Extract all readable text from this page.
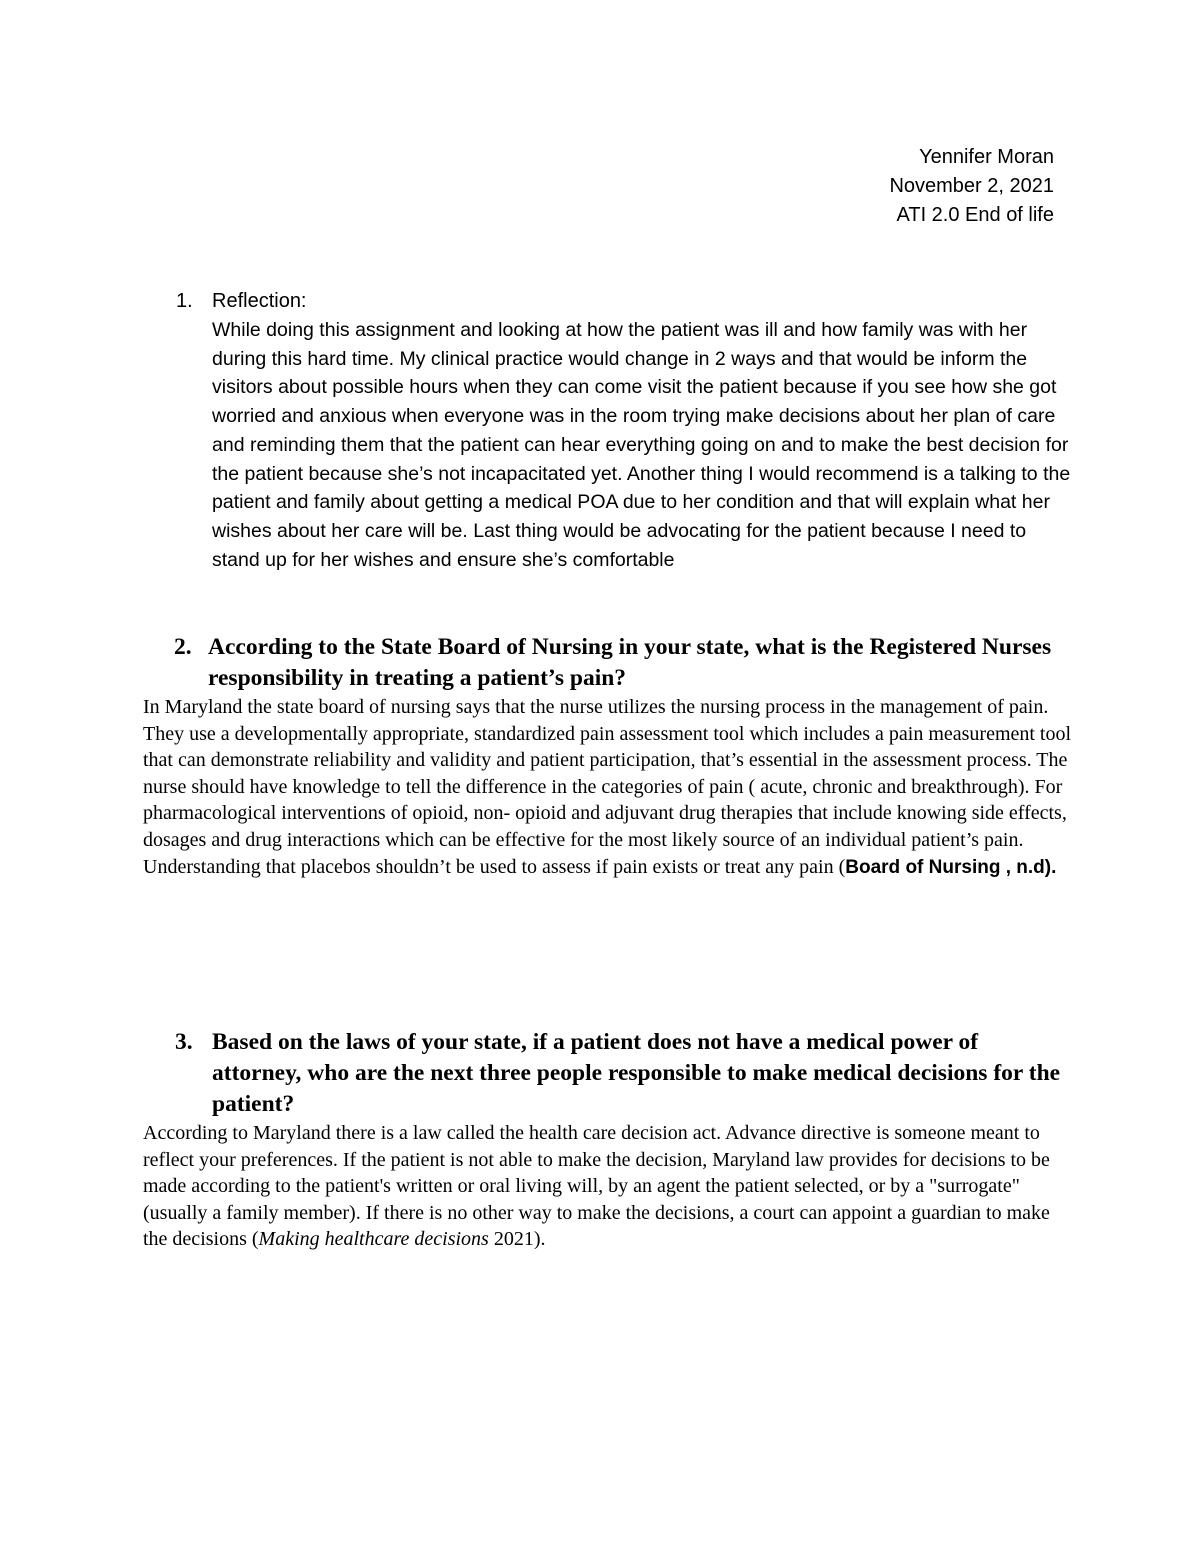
Yennifer Moran
November 2, 2021
ATI 2.0 End of life
1. Reflection:

While doing this assignment and looking at how the patient was ill and how family was with her during this hard time. My clinical practice would change in 2 ways and that would be inform the visitors about possible hours when they can come visit the patient because if you see how she got worried and anxious when everyone was in the room trying make decisions about her plan of care and reminding them that the patient can hear everything going on and to make the best decision for the patient because she’s not incapacitated yet. Another thing I would recommend is a talking to the patient and family about getting a medical POA due to her condition and that will explain what her wishes about her care will be. Last thing would be advocating for the patient because I need to stand up for her wishes and ensure she’s comfortable

2. According to the State Board of Nursing in your state, what is the Registered Nurses responsibility in treating a patient’s pain?

In Maryland the state board of nursing says that the nurse utilizes the nursing process in the management of pain. They use a developmentally appropriate, standardized pain assessment tool which includes a pain measurement tool that can demonstrate reliability and validity and patient participation, that’s essential in the assessment process. The nurse should have knowledge to tell the difference in the categories of pain ( acute, chronic and breakthrough). For pharmacological interventions of opioid, non- opioid and adjuvant drug therapies that include knowing side effects, dosages and drug interactions which can be effective for the most likely source of an individual patient’s pain. Understanding that placebos shouldn’t be used to assess if pain exists or treat any pain (Board of Nursing , n.d).

3. Based on the laws of your state, if a patient does not have a medical power of attorney, who are the next three people responsible to make medical decisions for the patient?

According to Maryland there is a law called the health care decision act. Advance directive is someone meant to reflect your preferences. If the patient is not able to make the decision, Maryland law provides for decisions to be made according to the patient's written or oral living will, by an agent the patient selected, or by a "surrogate" (usually a family member). If there is no other way to make the decisions, a court can appoint a guardian to make the decisions (Making healthcare decisions 2021).
